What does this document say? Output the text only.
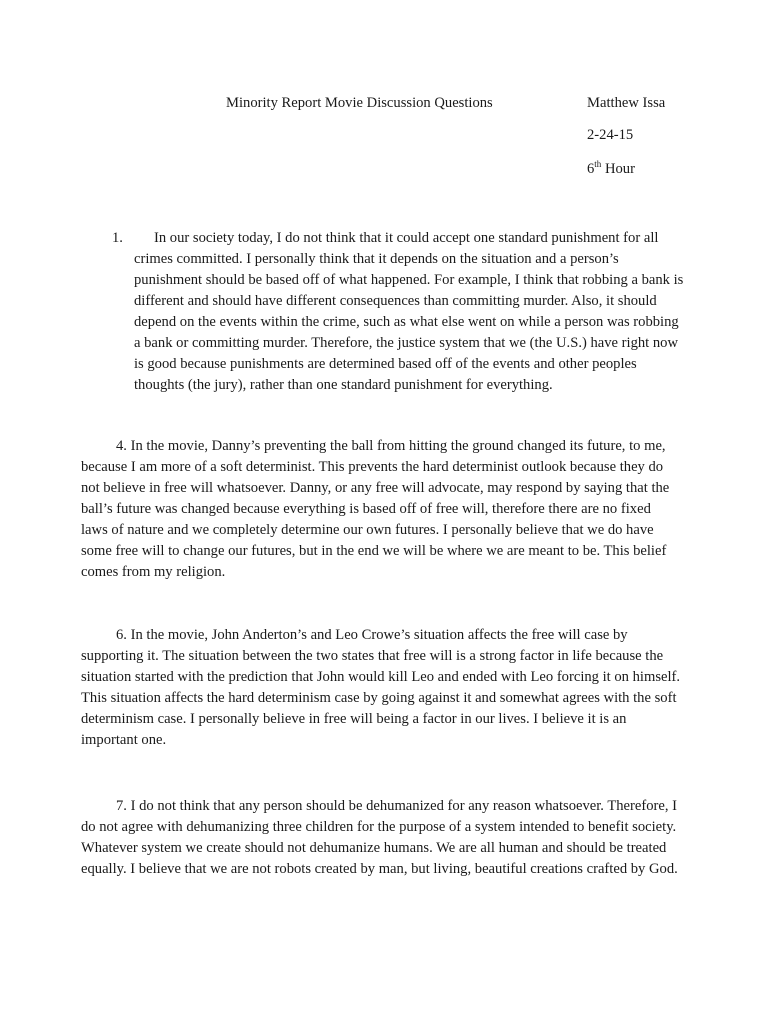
Minority Report Movie Discussion Questions	Matthew Issa
2-24-15
6th Hour
1.	In our society today, I do not think that it could accept one standard punishment for all crimes committed. I personally think that it depends on the situation and a person’s punishment should be based off of what happened. For example, I think that robbing a bank is different and should have different consequences than committing murder. Also, it should depend on the events within the crime, such as what else went on while a person was robbing a bank or committing murder. Therefore, the justice system that we (the U.S.) have right now is good because punishments are determined based off of the events and other peoples thoughts (the jury), rather than one standard punishment for everything.

4. In the movie, Danny’s preventing the ball from hitting the ground changed its future, to me, because I am more of a soft determinist. This prevents the hard determinist outlook because they do not believe in free will whatsoever. Danny, or any free will advocate, may respond by saying that the ball’s future was changed because everything is based off of free will, therefore there are no fixed laws of nature and we completely determine our own futures. I personally believe that we do have some free will to change our futures, but in the end we will be where we are meant to be. This belief comes from my religion.

6. In the movie, John Anderton’s and Leo Crowe’s situation affects the free will case by supporting it. The situation between the two states that free will is a strong factor in life because the situation started with the prediction that John would kill Leo and ended with Leo forcing it on himself. This situation affects the hard determinism case by going against it and somewhat agrees with the soft determinism case. I personally believe in free will being a factor in our lives. I believe it is an important one.

7. I do not think that any person should be dehumanized for any reason whatsoever. Therefore, I do not agree with dehumanizing three children for the purpose of a system intended to benefit society. Whatever system we create should not dehumanize humans. We are all human and should be treated equally. I believe that we are not robots created by man, but living, beautiful creations crafted by God.
